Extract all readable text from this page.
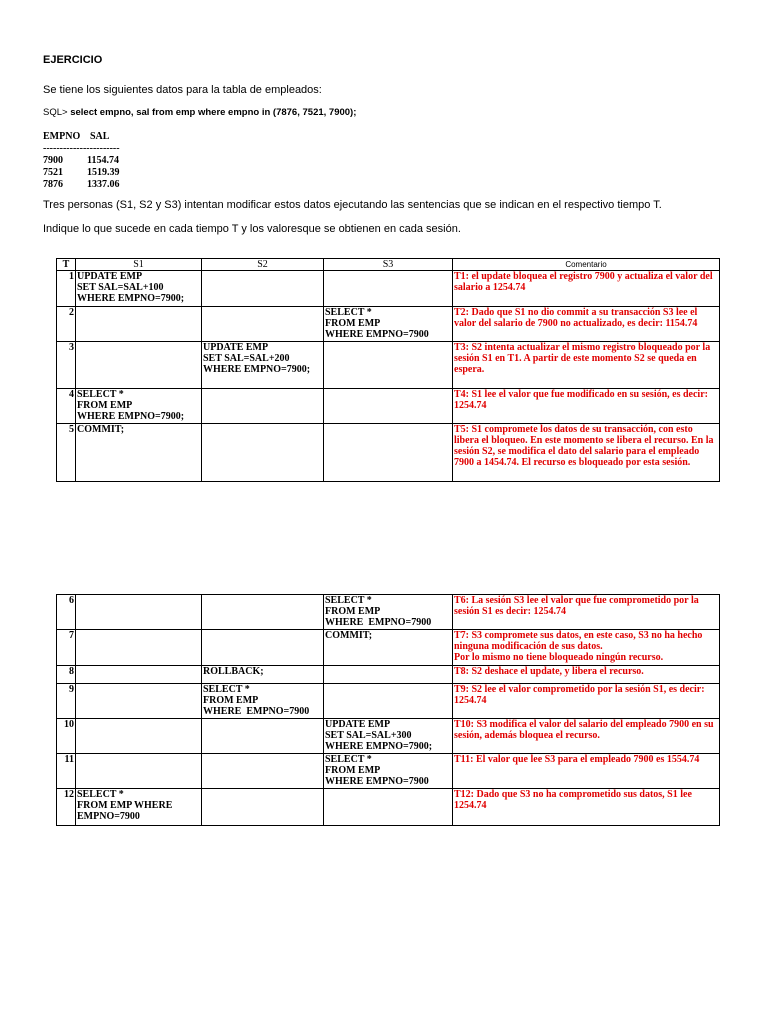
EJERCICIO
Se tiene los siguientes datos para la tabla de empleados:
SQL> select empno, sal from emp where empno in (7876, 7521, 7900);
EMPNO SAL
-----------------------
7900 1154.74
7521 1519.39
7876 1337.06
Tres personas (S1, S2 y S3) intentan modificar estos datos ejecutando las sentencias que se indican en el respectivo tiempo T.
Indique lo que sucede en cada tiempo T y los valoresque se obtienen en cada sesión.
T	S1	S2	S3	Comentario
1	UPDATE EMP
SET SAL=SAL+100
WHERE EMPNO=7900;			T1: el update bloquea el registro 7900 y actualiza el valor del salario a 1254.74
2			SELECT *
FROM EMP
WHERE EMPNO=7900	T2: Dado que S1 no dio commit a su transacción S3 lee el valor del salario de 7900 no actualizado, es decir: 1154.74
3		UPDATE EMP
SET SAL=SAL+200
WHERE EMPNO=7900;		T3: S2 intenta actualizar el mismo registro bloqueado por la sesión S1 en T1. A partir de este momento S2 se queda en espera.
4	SELECT *
FROM EMP
WHERE EMPNO=7900;			T4: S1 lee el valor que fue modificado en su sesión, es decir: 1254.74
5	COMMIT;			T5: S1 compromete los datos de su transacción, con esto libera el bloqueo. En este momento se libera el recurso. En la sesión S2, se modifica el dato del salario para el empleado 7900 a 1454.74. El recurso es bloqueado por esta sesión.
6			SELECT *
FROM EMP
WHERE  EMPNO=7900	T6: La sesión S3 lee el valor que fue comprometido por la sesión S1 es decir: 1254.74
7			COMMIT;	T7: S3 compromete sus datos, en este caso, S3 no ha hecho ninguna modificación de sus datos.
Por lo mismo no tiene bloqueado ningún recurso.
8		ROLLBACK;		T8: S2 deshace el update, y libera el recurso.
9		SELECT *
FROM EMP
WHERE  EMPNO=7900		T9: S2 lee el valor comprometido por la sesión S1, es decir: 1254.74
10			UPDATE EMP
SET SAL=SAL+300
WHERE EMPNO=7900;	T10: S3 modifica el valor del salario del empleado 7900 en su sesión, además bloquea el recurso.
11			SELECT *
FROM EMP
WHERE EMPNO=7900	T11: El valor que lee S3 para el empleado 7900 es 1554.74
12	SELECT *
FROM EMP WHERE
EMPNO=7900			T12: Dado que S3 no ha comprometido sus datos, S1 lee 1254.74
